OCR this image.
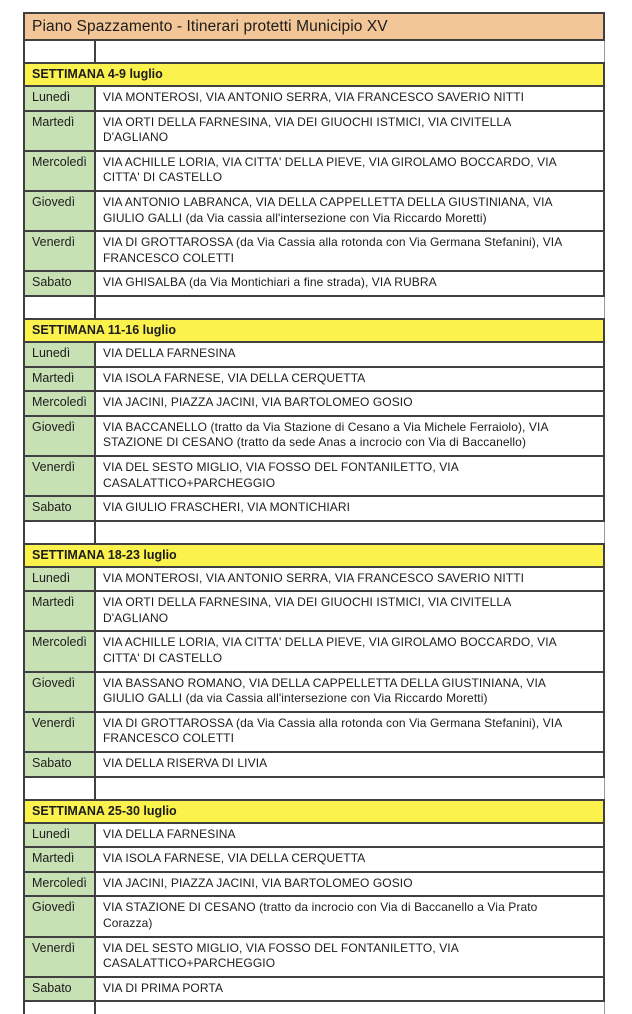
Piano Spazzamento - Itinerari protetti Municipio XV
SETTIMANA 4-9 luglio
Lunedì	VIA MONTEROSI, VIA ANTONIO SERRA, VIA FRANCESCO SAVERIO NITTI
Martedì	VIA ORTI DELLA FARNESINA, VIA DEI GIUOCHI ISTMICI, VIA CIVITELLA D'AGLIANO
Mercoledì	VIA ACHILLE LORIA, VIA CITTA' DELLA PIEVE, VIA GIROLAMO BOCCARDO, VIA CITTA' DI CASTELLO
Giovedì	VIA ANTONIO LABRANCA, VIA DELLA CAPPELLETTA DELLA GIUSTINIANA, VIA GIULIO GALLI (da Via cassia all'intersezione con Via Riccardo Moretti)
Venerdì	VIA DI GROTTAROSSA (da Via Cassia alla rotonda con Via Germana Stefanini), VIA FRANCESCO COLETTI
Sabato	VIA GHISALBA (da Via Montichiari a fine strada), VIA RUBRA
SETTIMANA 11-16 luglio
Lunedì	VIA DELLA FARNESINA
Martedì	VIA ISOLA FARNESE, VIA DELLA CERQUETTA
Mercoledì	VIA JACINI, PIAZZA JACINI, VIA BARTOLOMEO GOSIO
Giovedì	VIA BACCANELLO (tratto da Via Stazione di Cesano a Via Michele Ferraiolo), VIA STAZIONE DI CESANO (tratto da sede Anas a incrocio con Via di Baccanello)
Venerdì	VIA DEL SESTO MIGLIO, VIA FOSSO DEL FONTANILETTO, VIA CASALATTICO+PARCHEGGIO
Sabato	VIA GIULIO FRASCHERI, VIA MONTICHIARI
SETTIMANA 18-23 luglio
Lunedì	VIA MONTEROSI, VIA ANTONIO SERRA, VIA FRANCESCO SAVERIO NITTI
Martedì	VIA ORTI DELLA FARNESINA, VIA DEI GIUOCHI ISTMICI, VIA CIVITELLA D'AGLIANO
Mercoledì	VIA ACHILLE LORIA, VIA CITTA' DELLA PIEVE, VIA GIROLAMO BOCCARDO, VIA CITTA' DI CASTELLO
Giovedì	VIA BASSANO ROMANO, VIA DELLA CAPPELLETTA DELLA GIUSTINIANA, VIA GIULIO GALLI (da via Cassia all'intersezione con Via Riccardo Moretti)
Venerdì	VIA DI GROTTAROSSA (da Via Cassia alla rotonda con Via Germana Stefanini), VIA FRANCESCO COLETTI
Sabato	VIA DELLA RISERVA DI LIVIA
SETTIMANA 25-30 luglio
Lunedì	VIA DELLA FARNESINA
Martedì	VIA ISOLA FARNESE, VIA DELLA CERQUETTA
Mercoledì	VIA JACINI, PIAZZA JACINI, VIA BARTOLOMEO GOSIO
Giovedì	VIA STAZIONE DI CESANO (tratto da incrocio con Via di Baccanello a Via Prato Corazza)
Venerdì	VIA DEL SESTO MIGLIO, VIA FOSSO DEL FONTANILETTO, VIA CASALATTICO+PARCHEGGIO
Sabato	VIA DI PRIMA PORTA
